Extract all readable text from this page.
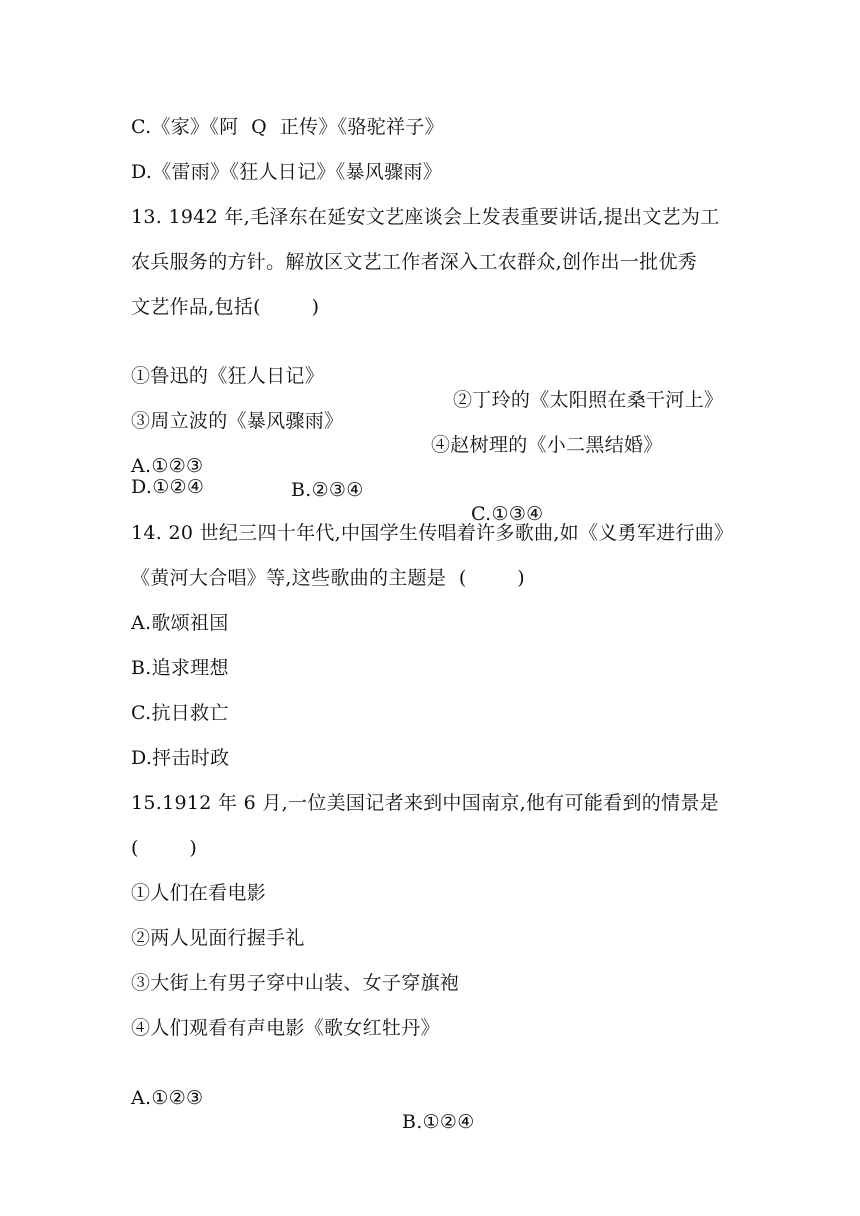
C.《家》《阿  Q  正传》《骆驼祥子》
D.《雷雨》《狂人日记》《暴风骤雨》
13. 1942 年,毛泽东在延安文艺座谈会上发表重要讲话,提出文艺为工
农兵服务的方针。解放区文艺工作者深入工农群众,创作出一批优秀
文艺作品,包括(        )

①鲁迅的《狂人日记》

②丁玲的《太阳照在桑干河上》

③周立波的《暴风骤雨》

④赵树理的《小二黑结婚》

A.①②③

B.②③④

C.①③④

D.①②④
14. 20 世纪三四十年代,中国学生传唱着许多歌曲,如《义勇军进行曲》
《黄河大合唱》等,这些歌曲的主题是  (        )
A.歌颂祖国
B.追求理想
C.抗日救亡
D.抨击时政
15.1912 年 6 月,一位美国记者来到中国南京,他有可能看到的情景是
(        )
①人们在看电影
②两人见面行握手礼
③大街上有男子穿中山装、女子穿旗袍
④人们观看有声电影《歌女红牡丹》

A.①②③

B.①②④
